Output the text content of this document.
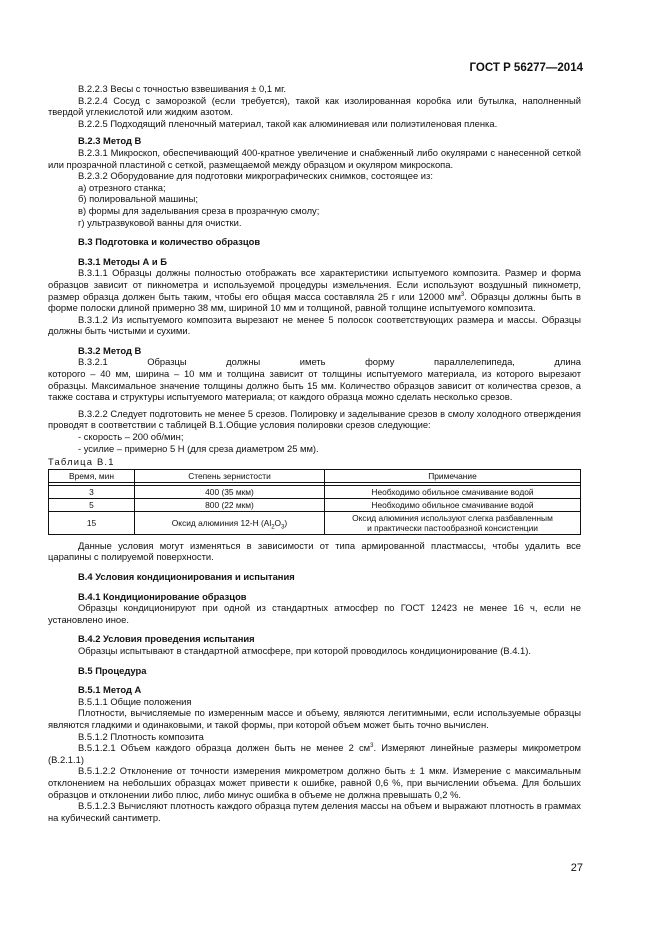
ГОСТ Р 56277—2014

В.2.2.3 Весы с точностью взвешивания ± 0,1 мг.

В.2.2.4 Сосуд с заморозкой (если требуется), такой как изолированная коробка или бутылка, наполненный твердой углекислотой или жидким азотом.

В.2.2.5 Подходящий пленочный материал, такой как алюминиевая или полиэтиленовая пленка.

В.2.3 Метод В

В.2.3.1 Микроскоп, обеспечивающий 400-кратное увеличение и снабженный либо окулярами с нанесенной сеткой или прозрачной пластиной с сеткой, размещаемой между образцом и окуляром микроскопа.

В.2.3.2 Оборудование для подготовки микрографических снимков, состоящее из:

а) отрезного станка;
б) полировальной машины;
в) формы для заделывания среза в прозрачную смолу;
г) ультразвуковой ванны для очистки.

В.3 Подготовка и количество образцов

В.3.1 Методы А и Б

В.3.1.1 Образцы должны полностью отображать все характеристики испытуемого композита. Размер и форма образцов зависит от пикнометра и используемой процедуры измельчения. Если используют воздушный пикнометр, размер образца должен быть таким, чтобы его общая масса составляла 25 г или 12000 $мм^3$. Образцы должны быть в форме полоски длиной примерно 38 мм, шириной 10 мм и толщиной, равной толщине испытуемого композита.

В.3.1.2 Из испытуемого композита вырезают не менее 5 полосок соответствующих размера и массы. Образцы должны быть чистыми и сухими.

В.3.2 Метод В

В.3.2.1 Образцы должны иметь форму параллелепипеда, длина

которого – 40 мм, ширина – 10 мм и толщина зависит от толщины испытуемого материала, из которого вырезают образцы. Максимальное значение толщины должно быть 15 мм. Количество образцов зависит от количества срезов, а также состава и структуры испытуемого материала; от каждого образца можно сделать несколько срезов.

В.3.2.2 Следует подготовить не менее 5 срезов. Полировку и заделывание срезов в смолу холодного отверждения проводят в соответствии с таблицей В.1.Общие условия полировки срезов следующие:

- скорость – 200 об/мин;
- усилие – примерно 5 Н (для среза диаметром 25 мм).
Таблица В.1
Время, мин	Степень зернистости	Примечание

3	400 (35 мкм)	Необходимо обильное смачивание водой
5	800 (22 мкм)	Необходимо обильное смачивание водой
15	Оксид алюминия 12-Н $(Al_2O_3)$	Оксид алюминия используют слегка разбавленным
и практически пастообразной консистенции

Данные условия могут изменяться в зависимости от типа армированной пластмассы, чтобы удалить все царапины с полируемой поверхности.

В.4 Условия кондиционирования и испытания

В.4.1 Кондиционирование образцов

Образцы кондиционируют при одной из стандартных атмосфер по ГОСТ 12423 не менее 16 ч, если не установлено иное.

В.4.2 Условия проведения испытания

Образцы испытывают в стандартной атмосфере, при которой проводилось кондиционирование (В.4.1).

В.5 Процедура

В.5.1 Метод А

В.5.1.1 Общие положения

Плотности, вычисляемые по измеренным массе и объему, являются легитимными, если используемые образцы являются гладкими и одинаковыми, и такой формы, при которой объем может быть точно вычислен.

В.5.1.2 Плотность композита

В.5.1.2.1 Объем каждого образца должен быть не менее 2 $см^3$. Измеряют линейные размеры микрометром (В.2.1.1)

В.5.1.2.2 Отклонение от точности измерения микрометром должно быть ± 1 мкм. Измерение с максимальным отклонением на небольших образцах может привести к ошибке, равной 0,6 %, при вычислении объема. Для больших образцов и отклонении либо плюс, либо минус ошибка в объеме не должна превышать 0,2 %.

В.5.1.2.3 Вычисляют плотность каждого образца путем деления массы на объем и выражают плотность в граммах на кубический сантиметр.

27
